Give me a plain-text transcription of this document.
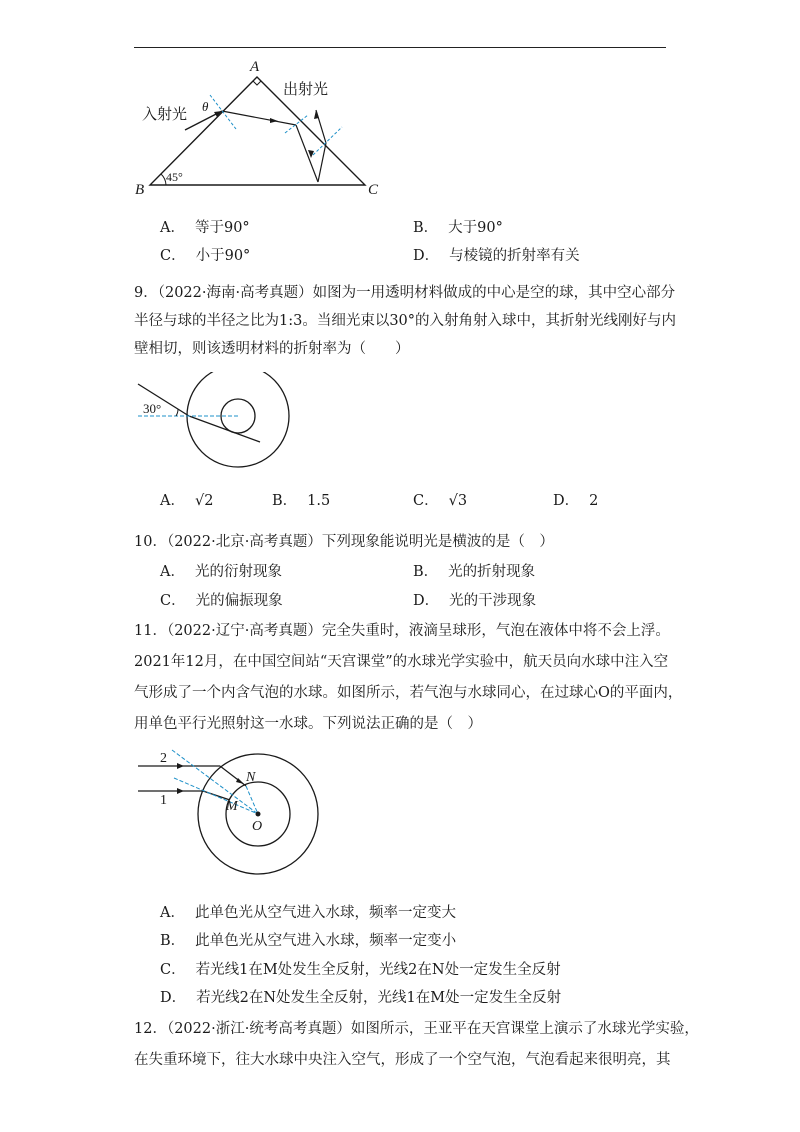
A
B	C
θ
45°
入射光
出射光
A． 等于90°	B． 大于90°
C． 小于90°	D． 与棱镜的折射率有关
9．（2022·海南·高考真题）如图为一用透明材料做成的中心是空的球，其中空心部分
半径与球的半径之比为1:3。当细光束以30°的入射角射入球中，其折射光线刚好与内
壁相切，则该透明材料的折射率为（　　）
30°
A． √2	B． 1.5	C． √3	D． 2
10．（2022·北京·高考真题）下列现象能说明光是横波的是（　）
A． 光的衍射现象	B． 光的折射现象
C． 光的偏振现象	D． 光的干涉现象
11．（2022·辽宁·高考真题）完全失重时，液滴呈球形，气泡在液体中将不会上浮。
2021年12月，在中国空间站“天宫课堂”的水球光学实验中，航天员向水球中注入空
气形成了一个内含气泡的水球。如图所示，若气泡与水球同心，在过球心O的平面内，
用单色平行光照射这一水球。下列说法正确的是（　）
2
1
N
M
O
A． 此单色光从空气进入水球，频率一定变大
B． 此单色光从空气进入水球，频率一定变小
C． 若光线1在M处发生全反射，光线2在N处一定发生全反射
D． 若光线2在N处发生全反射，光线1在M处一定发生全反射
12．（2022·浙江·统考高考真题）如图所示，王亚平在天宫课堂上演示了水球光学实验，
在失重环境下，往大水球中央注入空气，形成了一个空气泡，气泡看起来很明亮，其
